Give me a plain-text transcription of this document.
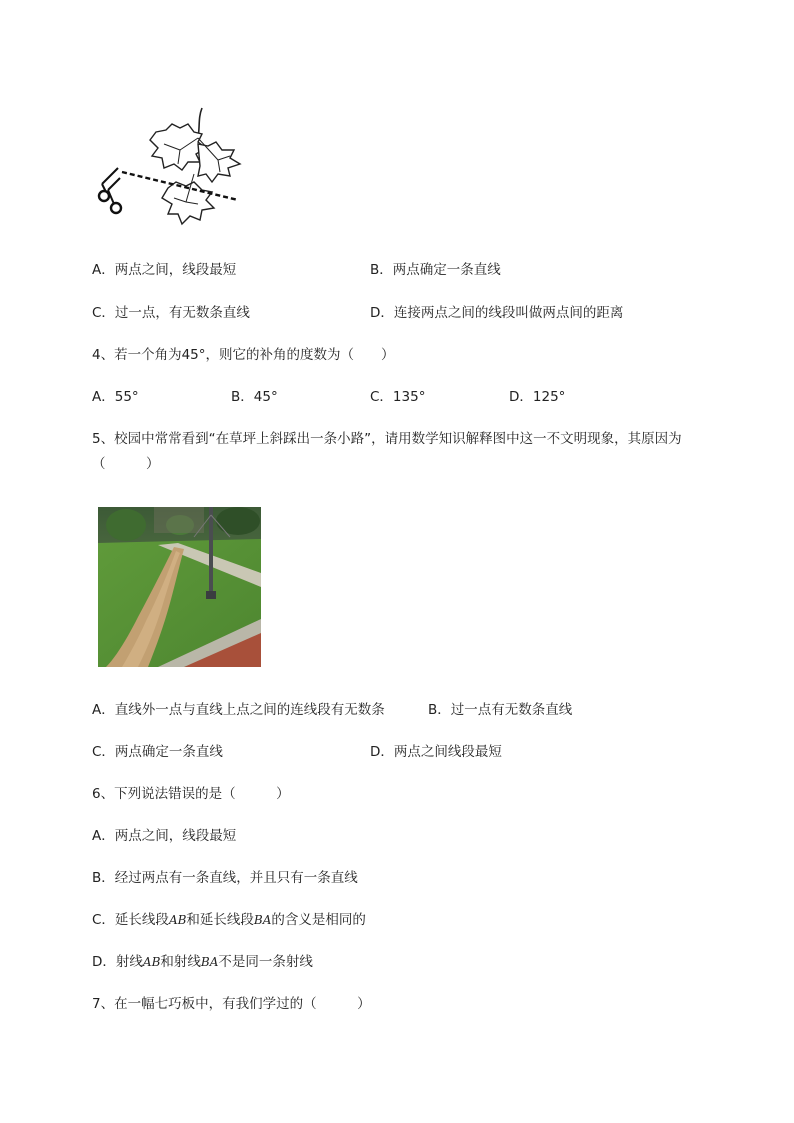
A．两点之间，线段最短	B．两点确定一条直线
C．过一点，有无数条直线	D．连接两点之间的线段叫做两点间的距离
4、若一个角为45°，则它的补角的度数为（　　）
A．55°	B．45°	C．135°	D．125°
5、校园中常常看到“在草坪上斜踩出一条小路”，请用数学知识解释图中这一不文明现象，其原因为
（　　　）
A．直线外一点与直线上点之间的连线段有无数条	B．过一点有无数条直线
C．两点确定一条直线	D．两点之间线段最短
6、下列说法错误的是（　　　）
A．两点之间，线段最短
B．经过两点有一条直线，并且只有一条直线
C．延长线段AB和延长线段BA的含义是相同的
D．射线AB和射线BA不是同一条射线
7、在一幅七巧板中，有我们学过的（　　　）
